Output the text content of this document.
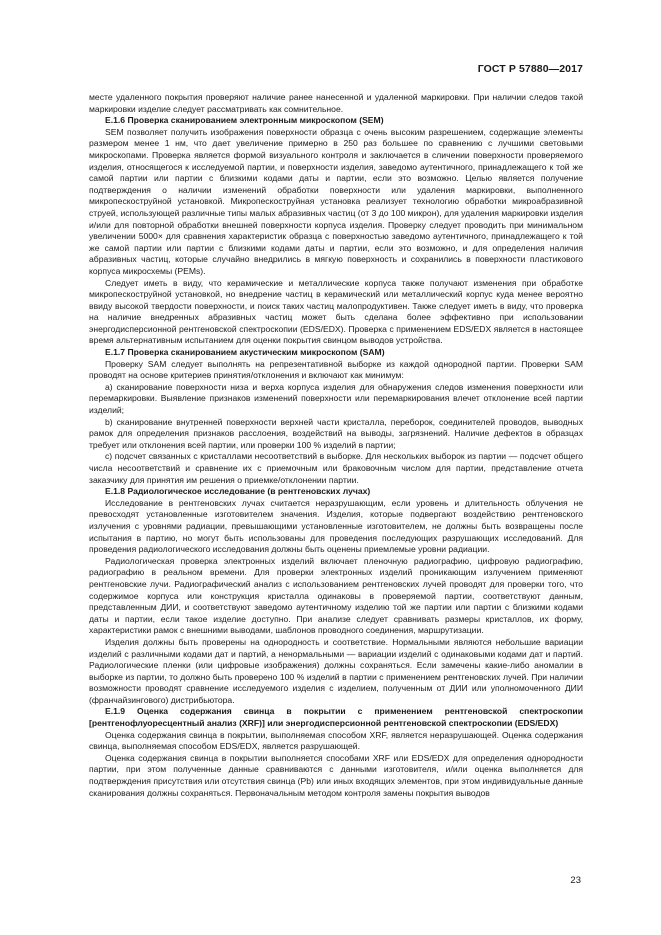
ГОСТ Р 57880—2017

месте удаленного покрытия проверяют наличие ранее нанесенной и удаленной маркировки. При наличии следов такой маркировки изделие следует рассматривать как сомнительное.

Е.1.6 Проверка сканированием электронным микроскопом (SEM)

SEM позволяет получить изображения поверхности образца с очень высоким разрешением, содержащие элементы размером менее 1 нм, что дает увеличение примерно в 250 раз большее по сравнению с лучшими световыми микроскопами. Проверка является формой визуального контроля и заключается в сличении поверхности проверяемого изделия, относящегося к исследуемой партии, и поверхности изделия, заведомо аутентичного, принадлежащего к той же самой партии или партии с близкими кодами даты и партии, если это возможно. Целью является получение подтверждения о наличии изменений обработки поверхности или удаления маркировки, выполненного микропескоструйной установкой. Микропескоструйная установка реализует технологию обработки микроабразивной струей, использующей различные типы малых абразивных частиц (от 3 до 100 микрон), для удаления маркировки изделия и/или для повторной обработки внешней поверхности корпуса изделия. Проверку следует проводить при минимальном увеличении 5000× для сравнения характеристик образца с поверхностью заведомо аутентичного, принадлежащего к той же самой партии или партии с близкими кодами даты и партии, если это возможно, и для определения наличия абразивных частиц, которые случайно внедрились в мягкую поверхность и сохранились в поверхности пластикового корпуса микросхемы (PEMs).

Следует иметь в виду, что керамические и металлические корпуса также получают изменения при обработке микропескоструйной установкой, но внедрение частиц в керамический или металлический корпус куда менее вероятно ввиду высокой твердости поверхности, и поиск таких частиц малопродуктивен. Также следует иметь в виду, что проверка на наличие внедренных абразивных частиц может быть сделана более эффективно при использовании энергодисперсионной рентгеновской спектроскопии (EDS/EDX). Проверка с применением EDS/EDX является в настоящее время альтернативным испытанием для оценки покрытия свинцом выводов устройства.

Е.1.7 Проверка сканированием акустическим микроскопом (SAM)

Проверку SAM следует выполнять на репрезентативной выборке из каждой однородной партии. Проверки SAM проводят на основе критериев принятия/отклонения и включают как минимум:

а) сканирование поверхности низа и верха корпуса изделия для обнаружения следов изменения поверхности или перемаркировки. Выявление признаков изменений поверхности или перемаркирования влечет отклонение всей партии изделий;

b) сканирование внутренней поверхности верхней части кристалла, переборок, соединителей проводов, выводных рамок для определения признаков расслоения, воздействий на выводы, загрязнений. Наличие дефектов в образцах требует или отклонения всей партии, или проверки 100 % изделий в партии;

c) подсчет связанных с кристаллами несоответствий в выборке. Для нескольких выборок из партии — подсчет общего числа несоответствий и сравнение их с приемочным или браковочным числом для партии, представление отчета заказчику для принятия им решения о приемке/отклонении партии.

Е.1.8 Радиологическое исследование (в рентгеновских лучах)

Исследование в рентгеновских лучах считается неразрушающим, если уровень и длительность облучения не превосходят установленные изготовителем значения. Изделия, которые подвергают воздействию рентгеновского излучения с уровнями радиации, превышающими установленные изготовителем, не должны быть возвращены после испытания в партию, но могут быть использованы для проведения последующих разрушающих исследований. Для проведения радиологического исследования должны быть оценены приемлемые уровни радиации.

Радиологическая проверка электронных изделий включает пленочную радиографию, цифровую радиографию, радиографию в реальном времени. Для проверки электронных изделий проникающим излучением применяют рентгеновские лучи. Радиографический анализ с использованием рентгеновских лучей проводят для проверки того, что содержимое корпуса или конструкция кристалла одинаковы в проверяемой партии, соответствуют данным, представленным ДИИ, и соответствуют заведомо аутентичному изделию той же партии или партии с близкими кодами даты и партии, если такое изделие доступно. При анализе следует сравнивать размеры кристаллов, их форму, характеристики рамок с внешними выводами, шаблонов проводного соединения, маршрутизации.

Изделия должны быть проверены на однородность и соответствие. Нормальными являются небольшие вариации изделий с различными кодами дат и партий, а ненормальными — вариации изделий с одинаковыми кодами дат и партий. Радиологические пленки (или цифровые изображения) должны сохраняться. Если замечены какие-либо аномалии в выборке из партии, то должно быть проверено 100 % изделий в партии с применением рентгеновских лучей. При наличии возможности проводят сравнение исследуемого изделия с изделием, полученным от ДИИ или уполномоченного ДИИ (франчайзингового) дистрибьютора.

Е.1.9 Оценка содержания свинца в покрытии с применением рентгеновской спектроскопии [рентгенофлуоресцентный анализ (XRF)] или энергодисперсионной рентгеновской спектроскопии (EDS/EDX)

Оценка содержания свинца в покрытии, выполняемая способом XRF, является неразрушающей. Оценка содержания свинца, выполняемая способом EDS/EDX, является разрушающей.

Оценка содержания свинца в покрытии выполняется способами XRF или EDS/EDX для определения однородности партии, при этом полученные данные сравниваются с данными изготовителя, и/или оценка выполняется для подтверждения присутствия или отсутствия свинца (Pb) или иных входящих элементов, при этом индивидуальные данные сканирования должны сохраняться. Первоначальным методом контроля замены покрытия выводов

23
